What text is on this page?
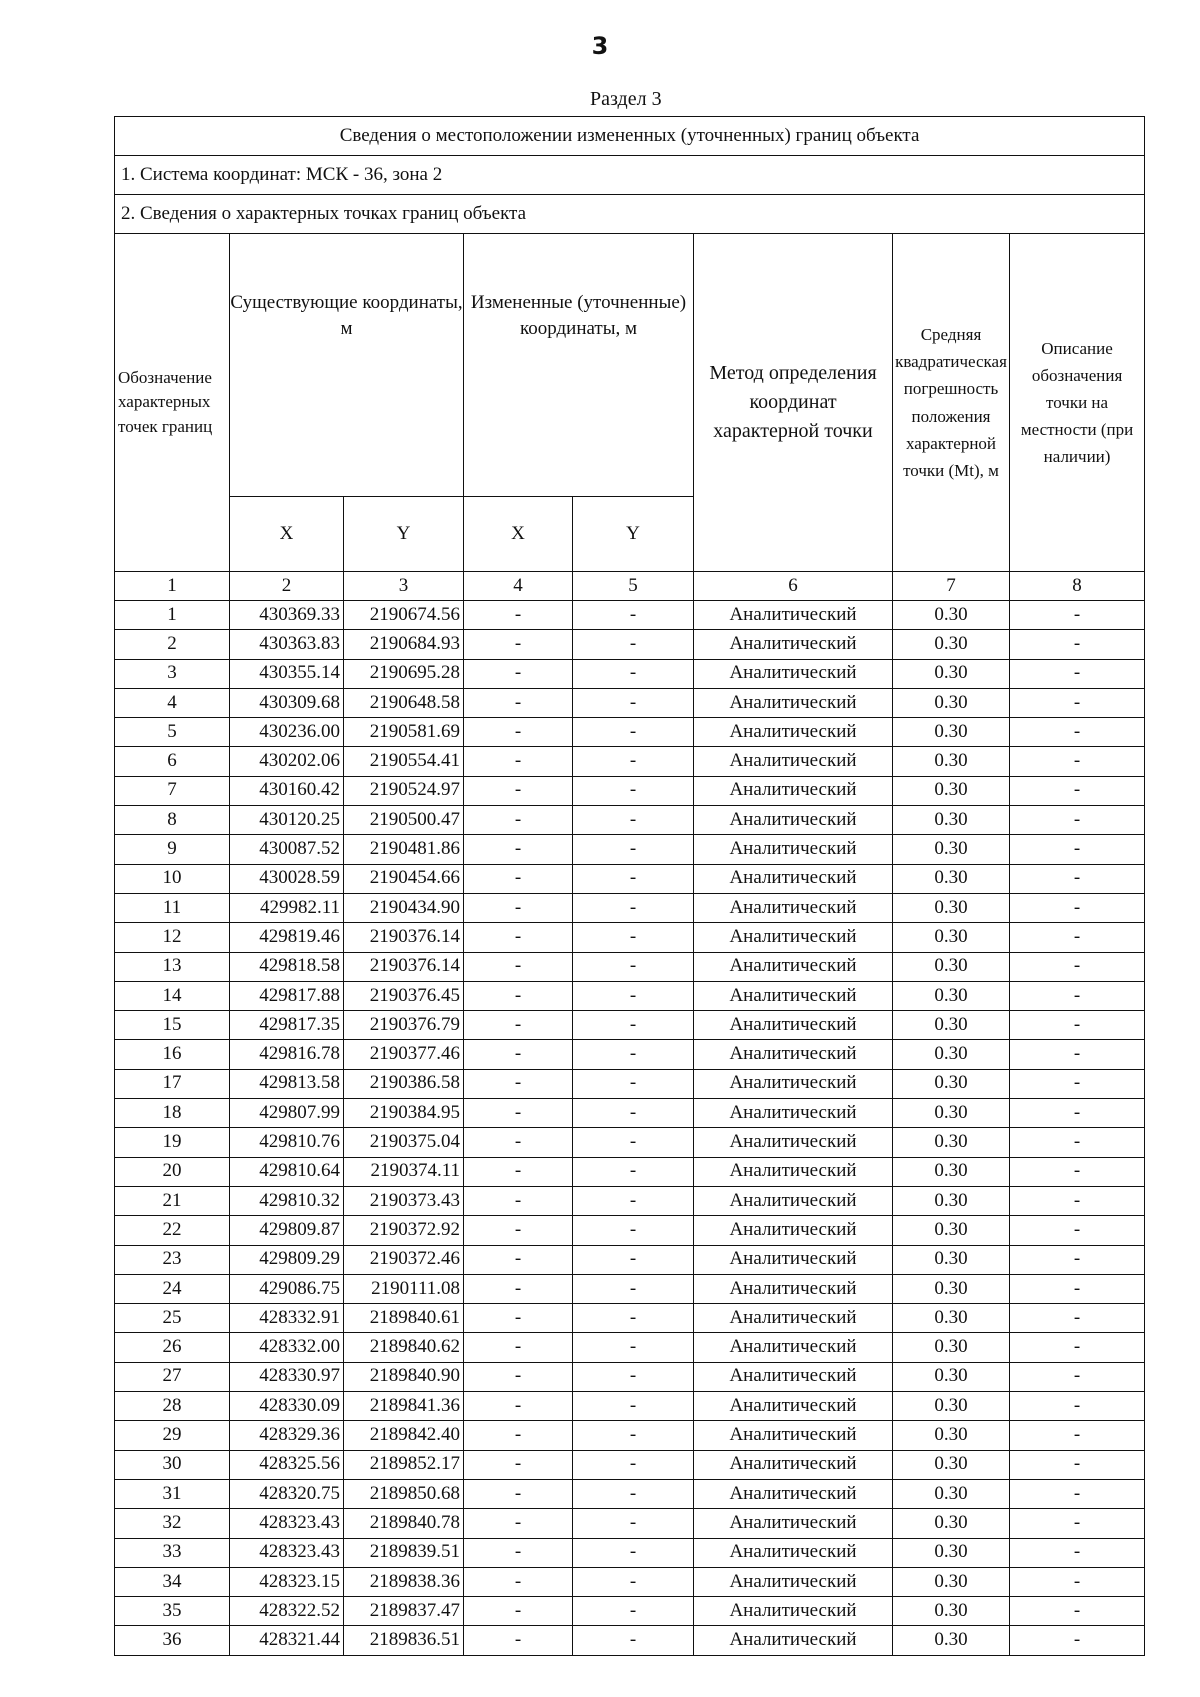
3
Раздел 3
Сведения о местоположении измененных (уточненных) границ объекта							
1. Система координат: МСК - 36, зона 2							
2. Сведения о характерных точках границ объекта							
Обозначение характерных точек границ	Существующие координаты, м		Измененные (уточненные) координаты, м		Метод определения координат характерной точки	Средняя квадратическая погрешность положения характерной точки (Mt), м	Описание обозначения точки на местности (при наличии)
	X	Y	X	Y			
1	2	3	4	5	6	7	8
1	430369.33	2190674.56	-	-	Аналитический	0.30	-
2	430363.83	2190684.93	-	-	Аналитический	0.30	-
3	430355.14	2190695.28	-	-	Аналитический	0.30	-
4	430309.68	2190648.58	-	-	Аналитический	0.30	-
5	430236.00	2190581.69	-	-	Аналитический	0.30	-
6	430202.06	2190554.41	-	-	Аналитический	0.30	-
7	430160.42	2190524.97	-	-	Аналитический	0.30	-
8	430120.25	2190500.47	-	-	Аналитический	0.30	-
9	430087.52	2190481.86	-	-	Аналитический	0.30	-
10	430028.59	2190454.66	-	-	Аналитический	0.30	-
11	429982.11	2190434.90	-	-	Аналитический	0.30	-
12	429819.46	2190376.14	-	-	Аналитический	0.30	-
13	429818.58	2190376.14	-	-	Аналитический	0.30	-
14	429817.88	2190376.45	-	-	Аналитический	0.30	-
15	429817.35	2190376.79	-	-	Аналитический	0.30	-
16	429816.78	2190377.46	-	-	Аналитический	0.30	-
17	429813.58	2190386.58	-	-	Аналитический	0.30	-
18	429807.99	2190384.95	-	-	Аналитический	0.30	-
19	429810.76	2190375.04	-	-	Аналитический	0.30	-
20	429810.64	2190374.11	-	-	Аналитический	0.30	-
21	429810.32	2190373.43	-	-	Аналитический	0.30	-
22	429809.87	2190372.92	-	-	Аналитический	0.30	-
23	429809.29	2190372.46	-	-	Аналитический	0.30	-
24	429086.75	2190111.08	-	-	Аналитический	0.30	-
25	428332.91	2189840.61	-	-	Аналитический	0.30	-
26	428332.00	2189840.62	-	-	Аналитический	0.30	-
27	428330.97	2189840.90	-	-	Аналитический	0.30	-
28	428330.09	2189841.36	-	-	Аналитический	0.30	-
29	428329.36	2189842.40	-	-	Аналитический	0.30	-
30	428325.56	2189852.17	-	-	Аналитический	0.30	-
31	428320.75	2189850.68	-	-	Аналитический	0.30	-
32	428323.43	2189840.78	-	-	Аналитический	0.30	-
33	428323.43	2189839.51	-	-	Аналитический	0.30	-
34	428323.15	2189838.36	-	-	Аналитический	0.30	-
35	428322.52	2189837.47	-	-	Аналитический	0.30	-
36	428321.44	2189836.51	-	-	Аналитический	0.30	-
